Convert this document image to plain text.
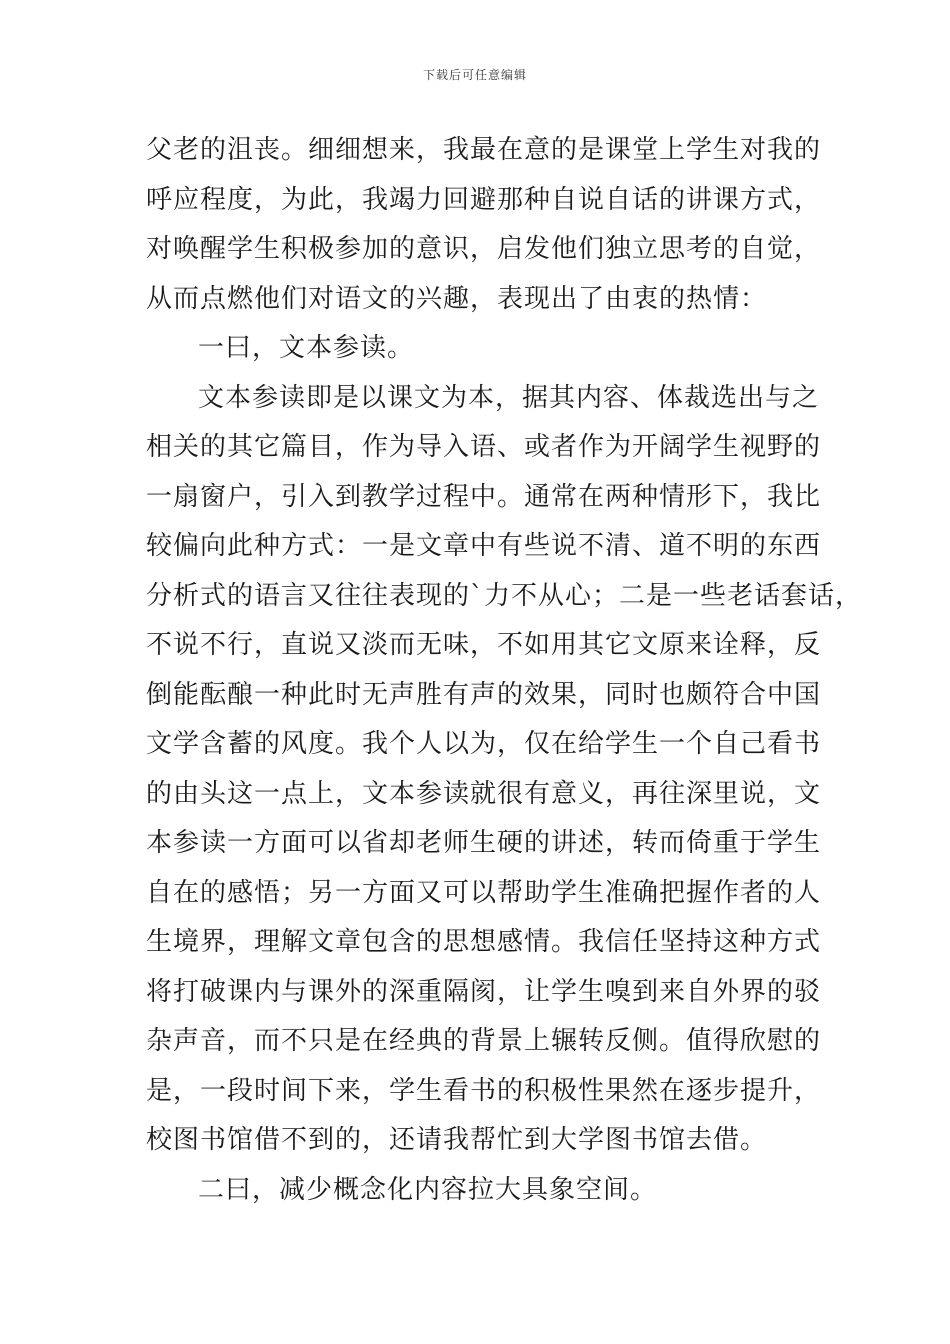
下载后可任意编辑
父老的沮丧。细细想来，我最在意的是课堂上学生对我的
呼应程度，为此，我竭力回避那种自说自话的讲课方式，
对唤醒学生积极参加的意识，启发他们独立思考的自觉，
从而点燃他们对语文的兴趣，表现出了由衷的热情：
一曰，文本参读。
文本参读即是以课文为本，据其内容、体裁选出与之
相关的其它篇目，作为导入语、或者作为开阔学生视野的
一扇窗户，引入到教学过程中。通常在两种情形下，我比
较偏向此种方式：一是文章中有些说不清、道不明的东西
分析式的语言又往往表现的`力不从心；二是一些老话套话，
不说不行，直说又淡而无味，不如用其它文原来诠释，反
倒能酝酿一种此时无声胜有声的效果，同时也颇符合中国
文学含蓄的风度。我个人以为，仅在给学生一个自己看书
的由头这一点上，文本参读就很有意义，再往深里说，文
本参读一方面可以省却老师生硬的讲述，转而倚重于学生
自在的感悟；另一方面又可以帮助学生准确把握作者的人
生境界，理解文章包含的思想感情。我信任坚持这种方式
将打破课内与课外的深重隔阂，让学生嗅到来自外界的驳
杂声音，而不只是在经典的背景上辗转反侧。值得欣慰的
是，一段时间下来，学生看书的积极性果然在逐步提升，
校图书馆借不到的，还请我帮忙到大学图书馆去借。
二曰，减少概念化内容拉大具象空间。
